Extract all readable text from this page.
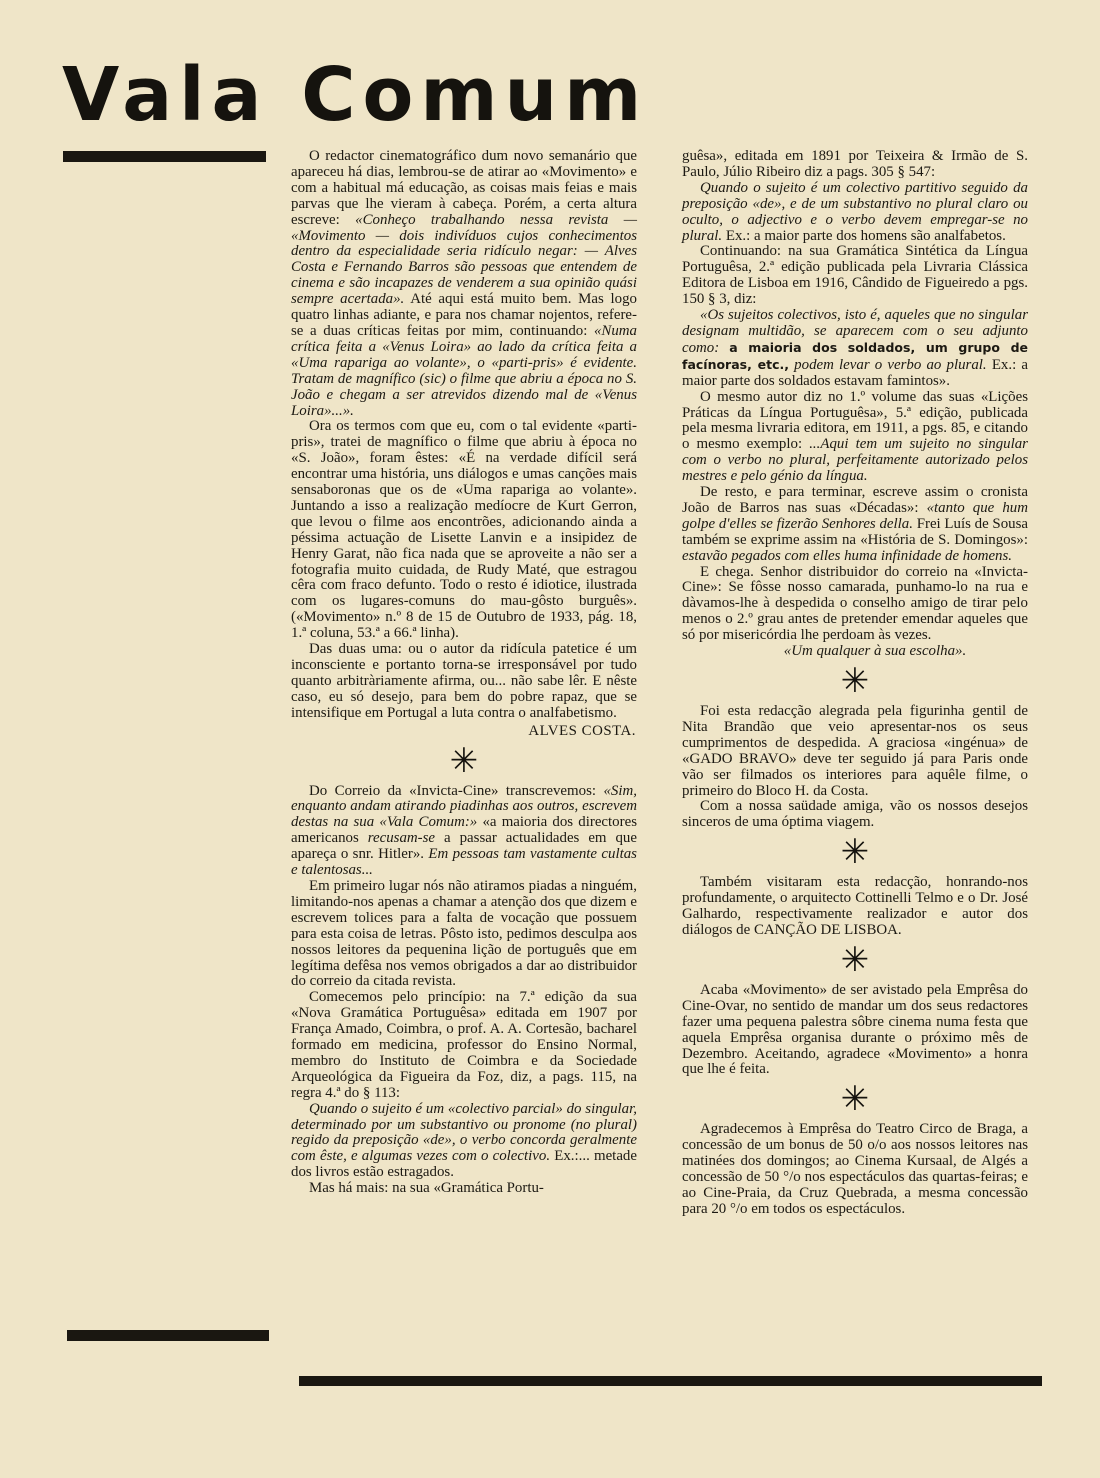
Vala Comum

O redactor cinematográfico dum novo semanário que apareceu há dias, lembrou-se de atirar ao «Movimento» e com a habitual má educação, as coisas mais feias e mais parvas que lhe vieram à cabeça. Porém, a certa altura escreve: «Conheço trabalhando nessa revista — «Movimento — dois indivíduos cujos conhecimentos dentro da especialidade seria ridículo negar: — Alves Costa e Fernando Barros são pessoas que entendem de cinema e são incapazes de venderem a sua opinião quási sempre acertada». Até aqui está muito bem. Mas logo quatro linhas adiante, e para nos chamar nojentos, refere-se a duas críticas feitas por mim, continuando: «Numa crítica feita a «Venus Loira» ao lado da crítica feita a «Uma rapariga ao volante», o «parti-pris» é evidente. Tratam de magnífico (sic) o filme que abriu a época no S. João e chegam a ser atrevidos dizendo mal de «Venus Loira»...».

Ora os termos com que eu, com o tal evidente «parti-pris», tratei de magnífico o filme que abriu à época no «S. João», foram êstes: «É na verdade difícil será encontrar uma história, uns diálogos e umas canções mais sensaboronas que os de «Uma rapariga ao volante». Juntando a isso a realização medíocre de Kurt Gerron, que levou o filme aos encontrões, adicionando ainda a péssima actuação de Lisette Lanvin e a insipidez de Henry Garat, não fica nada que se aproveite a não ser a fotografia muito cuidada, de Rudy Maté, que estragou cêra com fraco defunto. Todo o resto é idiotice, ilustrada com os lugares-comuns do mau-gôsto burguês». («Movimento» n.º 8 de 15 de Outubro de 1933, pág. 18, 1.ª coluna, 53.ª a 66.ª linha).

Das duas uma: ou o autor da ridícula patetice é um inconsciente e portanto torna-se irresponsável por tudo quanto arbitràriamente afirma, ou... não sabe lêr. E nêste caso, eu só desejo, para bem do pobre rapaz, que se intensifique em Portugal a luta contra o analfabetismo.

ALVES COSTA.

✳

Do Correio da «Invicta-Cine» transcrevemos: «Sim, enquanto andam atirando piadinhas aos outros, escrevem destas na sua «Vala Comum:» «a maioria dos directores americanos recusam-se a passar actualidades em que apareça o snr. Hitler». Em pessoas tam vastamente cultas e talentosas...

Em primeiro lugar nós não atiramos piadas a ninguém, limitando-nos apenas a chamar a atenção dos que dizem e escrevem tolices para a falta de vocação que possuem para esta coisa de letras. Pôsto isto, pedimos desculpa aos nossos leitores da pequenina lição de português que em legítima defêsa nos vemos obrigados a dar ao distribuidor do correio da citada revista.

Comecemos pelo princípio: na 7.ª edição da sua «Nova Gramática Portuguêsa» editada em 1907 por França Amado, Coimbra, o prof. A. A. Cortesão, bacharel formado em medicina, professor do Ensino Normal, membro do Instituto de Coimbra e da Sociedade Arqueológica da Figueira da Foz, diz, a pags. 115, na regra 4.ª do § 113:

Quando o sujeito é um «colectivo parcial» do singular, determinado por um substantivo ou pronome (no plural) regido da preposição «de», o verbo concorda geralmente com êste, e algumas vezes com o colectivo. Ex.:... metade dos livros estão estragados.

Mas há mais: na sua «Gramática Portu-

guêsa», editada em 1891 por Teixeira & Irmão de S. Paulo, Júlio Ribeiro diz a pags. 305 § 547:

Quando o sujeito é um colectivo partitivo seguido da preposição «de», e de um substantivo no plural claro ou oculto, o adjectivo e o verbo devem empregar-se no plural. Ex.: a maior parte dos homens são analfabetos.

Continuando: na sua Gramática Sintética da Língua Portuguêsa, 2.ª edição publicada pela Livraria Clássica Editora de Lisboa em 1916, Cândido de Figueiredo a pgs. 150 § 3, diz:

«Os sujeitos colectivos, isto é, aqueles que no singular designam multidão, se aparecem com o seu adjunto como: a maioria dos soldados, um grupo de facínoras, etc., podem levar o verbo ao plural. Ex.: a maior parte dos soldados estavam famintos».

O mesmo autor diz no 1.º volume das suas «Lições Práticas da Língua Portuguêsa», 5.ª edição, publicada pela mesma livraria editora, em 1911, a pgs. 85, e citando o mesmo exemplo: ...Aqui tem um sujeito no singular com o verbo no plural, perfeitamente autorizado pelos mestres e pelo génio da língua.

De resto, e para terminar, escreve assim o cronista João de Barros nas suas «Décadas»: «tanto que hum golpe d'elles se fizerão Senhores della. Frei Luís de Sousa também se exprime assim na «História de S. Domingos»: estavão pegados com elles huma infinidade de homens.

E chega. Senhor distribuidor do correio na «Invicta-Cine»: Se fôsse nosso camarada, punhamo-lo na rua e dàvamos-lhe à despedida o conselho amigo de tirar pelo menos o 2.º grau antes de pretender emendar aqueles que só por misericórdia lhe perdoam às vezes.

«Um qualquer à sua escolha».

✳

Foi esta redacção alegrada pela figurinha gentil de Nita Brandão que veio apresentar-nos os seus cumprimentos de despedida. A graciosa «ingénua» de «GADO BRAVO» deve ter seguido já para Paris onde vão ser filmados os interiores para aquêle filme, o primeiro do Bloco H. da Costa.

Com a nossa saüdade amiga, vão os nossos desejos sinceros de uma óptima viagem.

✳

Também visitaram esta redacção, honrando-nos profundamente, o arquitecto Cottinelli Telmo e o Dr. José Galhardo, respectivamente realizador e autor dos diálogos de CANÇÃO DE LISBOA.

✳

Acaba «Movimento» de ser avistado pela Emprêsa do Cine-Ovar, no sentido de mandar um dos seus redactores fazer uma pequena palestra sôbre cinema numa festa que aquela Emprêsa organisa durante o próximo mês de Dezembro. Aceitando, agradece «Movimento» a honra que lhe é feita.

✳

Agradecemos à Emprêsa do Teatro Circo de Braga, a concessão de um bonus de 50 o/o aos nossos leitores nas matinées dos domingos; ao Cinema Kursaal, de Algés a concessão de 50 °/o nos espectáculos das quartas-feiras; e ao Cine-Praia, da Cruz Quebrada, a mesma concessão para 20 °/o em todos os espectáculos.
